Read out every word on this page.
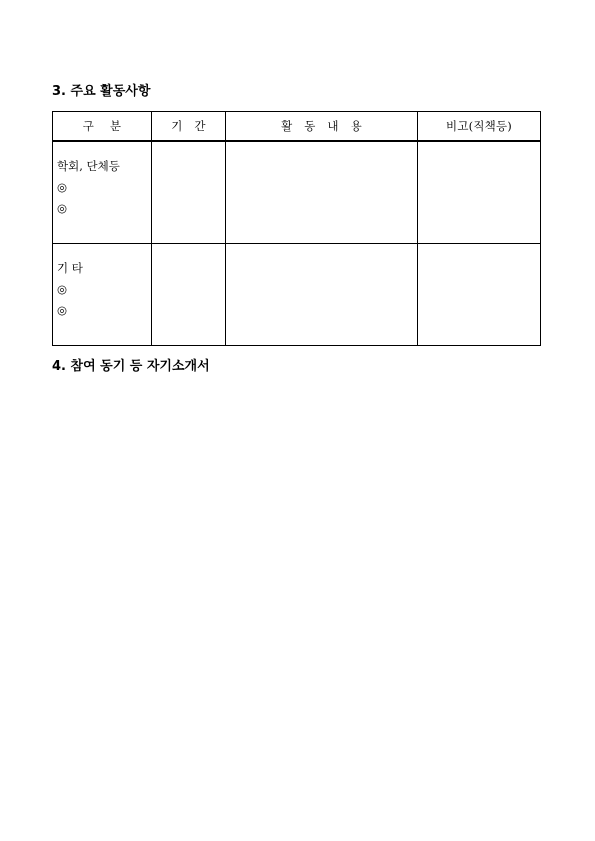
3. 주요 활동사항
구 분	기 간	활 동 내 용	비고(직책등)

학회, 단체등
◎
◎			

기 타
◎
◎			

4. 참여 동기 등 자기소개서
